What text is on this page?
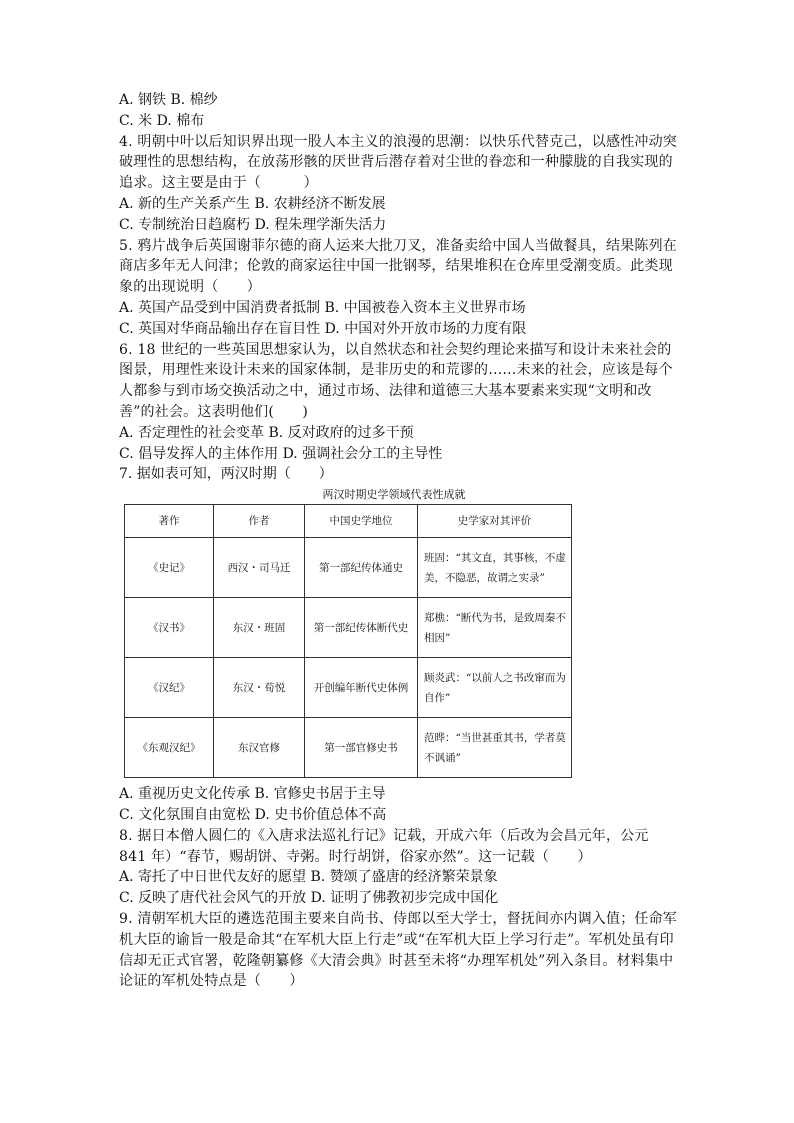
A. 钢铁 B. 棉纱
C. 米 D. 棉布
4. 明朝中叶以后知识界出现一股人本主义的浪漫的思潮：以快乐代替克己，以感性冲动突破理性的思想结构，在放荡形骸的厌世背后潜存着对尘世的眷恋和一种朦胧的自我实现的追求。这主要是由于（　　　）
A. 新的生产关系产生 B. 农耕经济不断发展
C. 专制统治日趋腐朽 D. 程朱理学渐失活力
5. 鸦片战争后英国谢菲尔德的商人运来大批刀叉，准备卖给中国人当做餐具，结果陈列在商店多年无人问津；伦敦的商家运往中国一批钢琴，结果堆积在仓库里受潮变质。此类现象的出现说明（　　）
A. 英国产品受到中国消费者抵制 B. 中国被卷入资本主义世界市场
C. 英国对华商品输出存在盲目性 D. 中国对外开放市场的力度有限
6. 18 世纪的一些英国思想家认为，以自然状态和社会契约理论来描写和设计未来社会的图景，用理性来设计未来的国家体制，是非历史的和荒谬的……未来的社会，应该是每个人都参与到市场交换活动之中，通过市场、法律和道德三大基本要素来实现“文明和改善”的社会。这表明他们(　　)
A. 否定理性的社会变革 B. 反对政府的过多干预
C. 倡导发挥人的主体作用 D. 强调社会分工的主导性
7. 据如表可知，两汉时期（　　）
两汉时期史学领域代表性成就
著作	作者	中国史学地位	史学家对其评价
《史记》	西汉・司马迁	第一部纪传体通史	班固：“其文直，其事核，不虚美，不隐恶，故谓之实录”
《汉书》	东汉・班固	第一部纪传体断代史	郑樵：“断代为书，是致周秦不相因”
《汉纪》	东汉・荀悦	开创编年断代史体例	顾炎武：“以前人之书改窜而为自作”
《东观汉纪》	东汉官修	第一部官修史书	范晔：“当世甚重其书，学者莫不讽诵”
A. 重视历史文化传承 B. 官修史书居于主导
C. 文化氛围自由宽松 D. 史书价值总体不高
8. 据日本僧人圆仁的《入唐求法巡礼行记》记载，开成六年（后改为会昌元年，公元 841 年）“春节，赐胡饼、寺粥。时行胡饼，俗家亦然”。这一记载（　　）
A. 寄托了中日世代友好的愿望 B. 赞颂了盛唐的经济繁荣景象
C. 反映了唐代社会风气的开放 D. 证明了佛教初步完成中国化
9. 清朝军机大臣的遴选范围主要来自尚书、侍郎以至大学士，督抚间亦内调入值；任命军机大臣的谕旨一般是命其“在军机大臣上行走”或“在军机大臣上学习行走”。军机处虽有印信却无正式官署，乾隆朝纂修《大清会典》时甚至未将“办理军机处”列入条目。材料集中论证的军机处特点是（　　）
